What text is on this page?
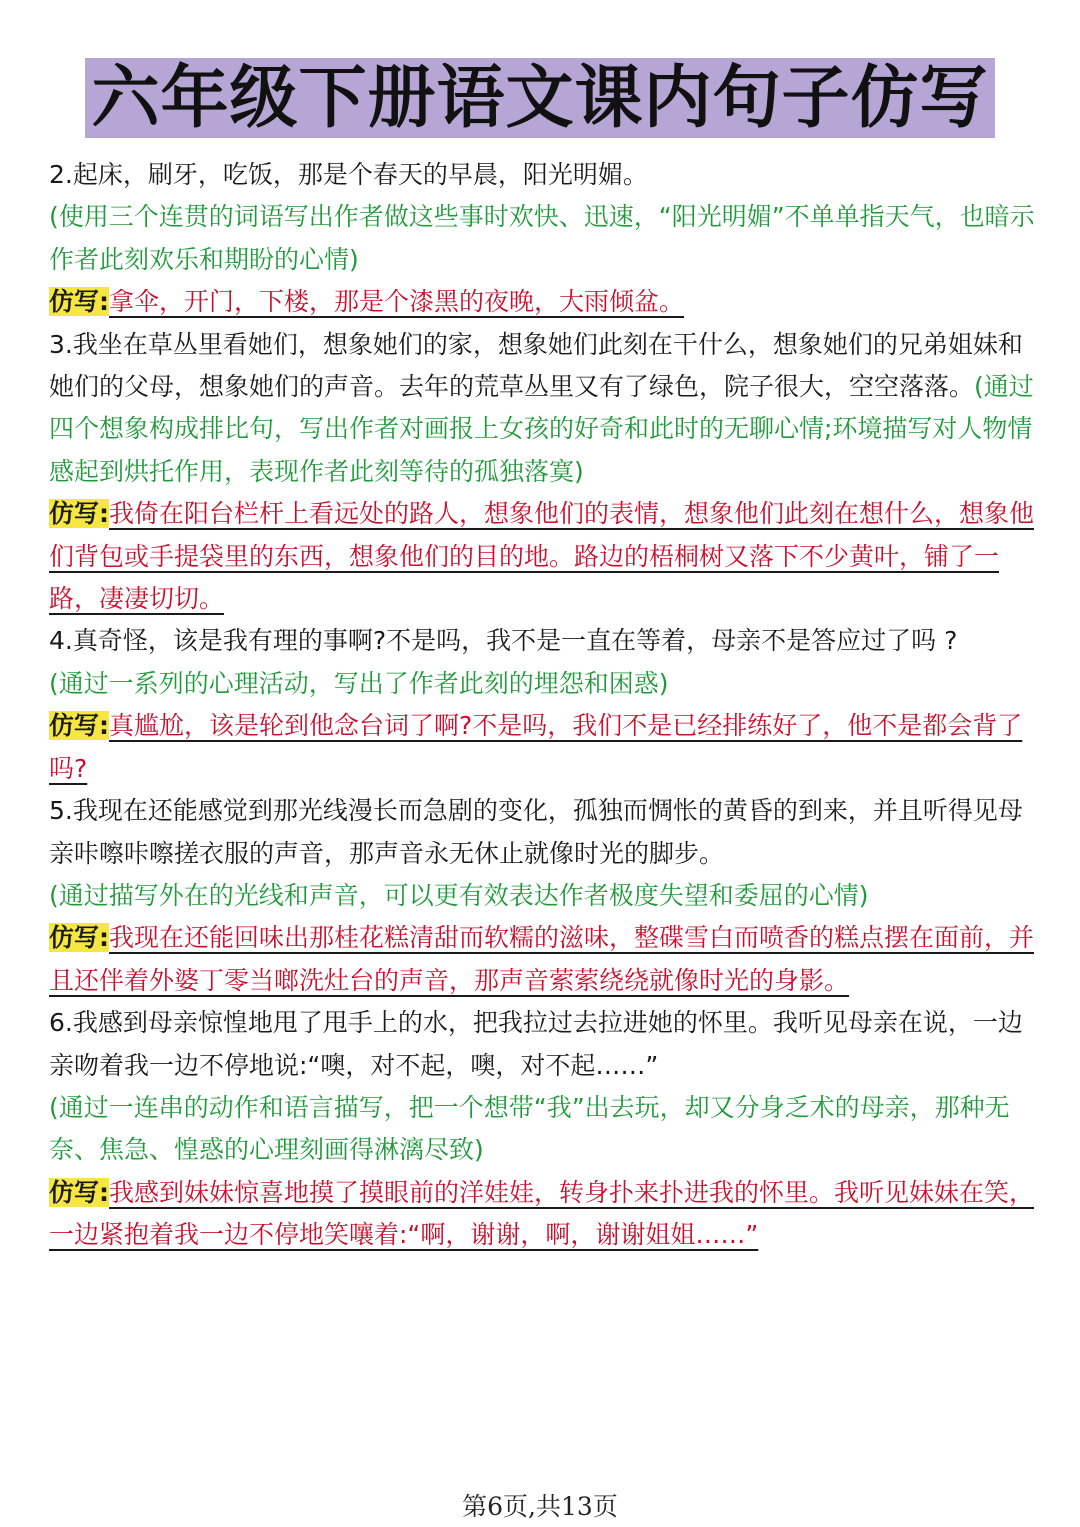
六年级下册语文课内句子仿写

2.起床，刷牙，吃饭，那是个春天的早晨，阳光明媚。

(使用三个连贯的词语写出作者做这些事时欢快、迅速，“阳光明媚”不单单指天气，也暗示作者此刻欢乐和期盼的心情)

仿写:拿伞，开门，下楼，那是个漆黑的夜晚，大雨倾盆。

3.我坐在草丛里看她们，想象她们的家，想象她们此刻在干什么，想象她们的兄弟姐妹和她们的父母，想象她们的声音。去年的荒草丛里又有了绿色，院子很大，空空落落。(通过四个想象构成排比句，写出作者对画报上女孩的好奇和此时的无聊心情;环境描写对人物情感起到烘托作用，表现作者此刻等待的孤独落寞)

仿写:我倚在阳台栏杆上看远处的路人，想象他们的表情，想象他们此刻在想什么，想象他们背包或手提袋里的东西，想象他们的目的地。路边的梧桐树又落下不少黄叶，铺了一路，凄凄切切。

4.真奇怪，该是我有理的事啊?不是吗，我不是一直在等着，母亲不是答应过了吗 ?

(通过一系列的心理活动，写出了作者此刻的埋怨和困惑)

仿写:真尴尬，该是轮到他念台词了啊?不是吗，我们不是已经排练好了，他不是都会背了吗?

5.我现在还能感觉到那光线漫长而急剧的变化，孤独而惆怅的黄昏的到来，并且听得见母亲咔嚓咔嚓搓衣服的声音，那声音永无休止就像时光的脚步。

(通过描写外在的光线和声音，可以更有效表达作者极度失望和委屈的心情)

仿写:我现在还能回味出那桂花糕清甜而软糯的滋味，整碟雪白而喷香的糕点摆在面前，并且还伴着外婆丁零当啷洗灶台的声音，那声音萦萦绕绕就像时光的身影。

6.我感到母亲惊惶地甩了甩手上的水，把我拉过去拉进她的怀里。我听见母亲在说，一边亲吻着我一边不停地说:“噢，对不起，噢，对不起……”

(通过一连串的动作和语言描写，把一个想带“我”出去玩，却又分身乏术的母亲，那种无奈、焦急、惶惑的心理刻画得淋漓尽致)

仿写:我感到妹妹惊喜地摸了摸眼前的洋娃娃，转身扑来扑进我的怀里。我听见妹妹在笑，一边紧抱着我一边不停地笑嚷着:“啊，谢谢，啊，谢谢姐姐……”

第6页,共13页
